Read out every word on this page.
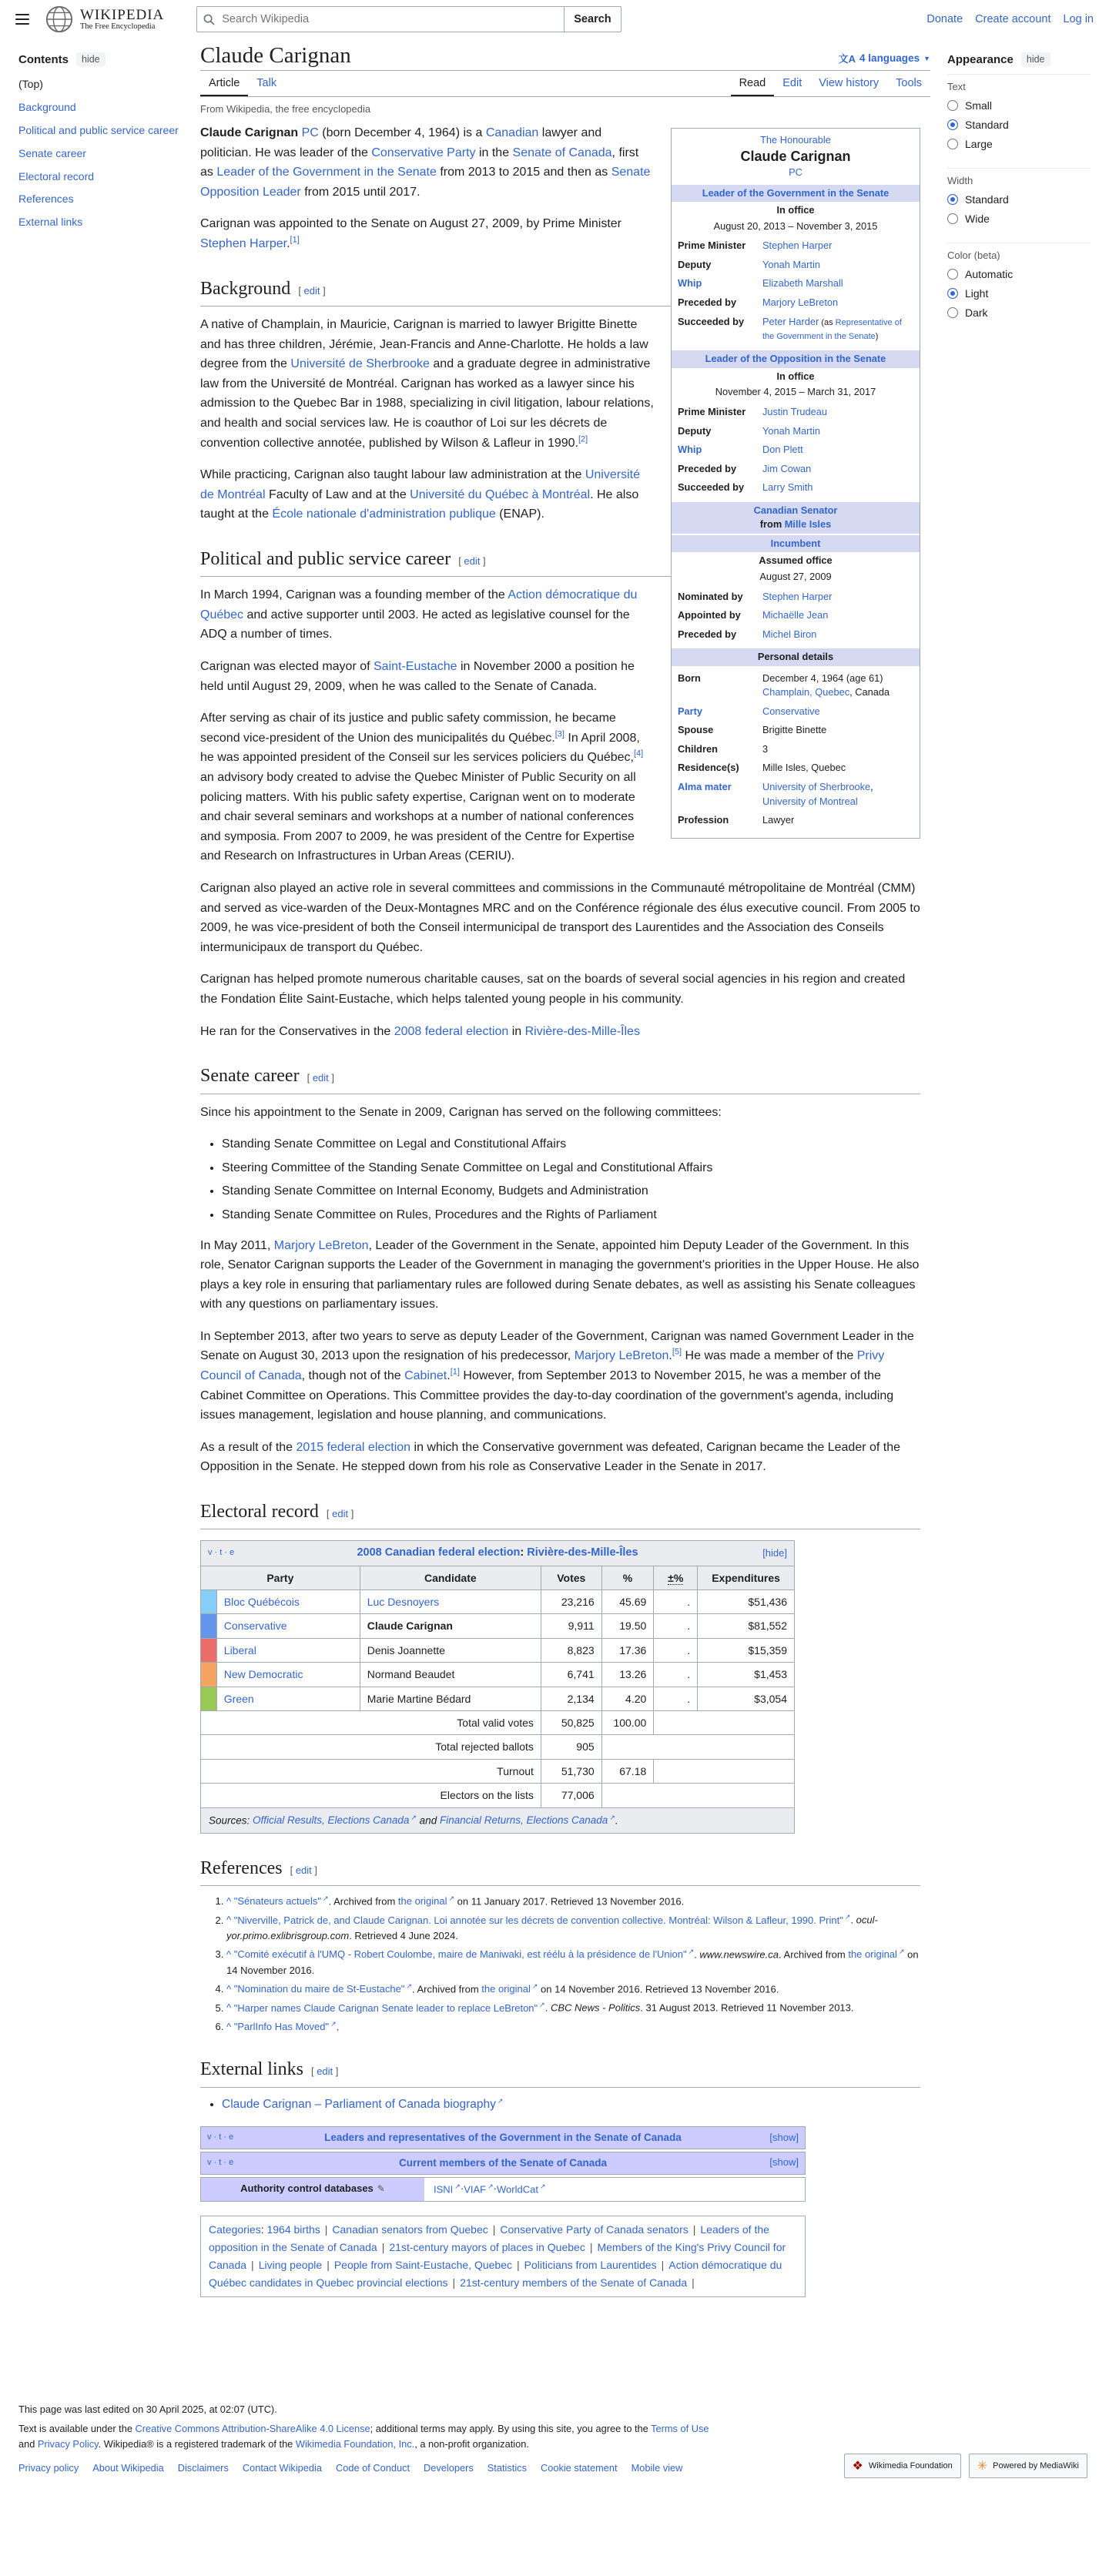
WIKIPEDIA
The Free Encyclopedia
Search Wikipedia
Search	Donate Create account Log in
Contents	hide
(Top)
Background
Political and public service career
Senate career
Electoral record
References
External links
Claude Carignan	文A 4 languages ▼
Article	Talk	Read	Edit	View history	Tools
From Wikipedia, the free encyclopedia
The Honourable
Claude Carignan
PC
Leader of the Government in the Senate
In office
August 20, 2013 – November 3, 2015
Prime Minister	Stephen Harper
Deputy	Yonah Martin
Whip	Elizabeth Marshall
Preceded by	Marjory LeBreton
Succeeded by	Peter Harder (as Representative of the Government in the Senate)
Leader of the Opposition in the Senate
In office
November 4, 2015 – March 31, 2017
Prime Minister	Justin Trudeau
Deputy	Yonah Martin
Whip	Don Plett
Preceded by	Jim Cowan
Succeeded by	Larry Smith
Canadian Senator
from Mille Isles
Incumbent
Assumed office
August 27, 2009
Nominated by	Stephen Harper
Appointed by	Michaëlle Jean
Preceded by	Michel Biron
Personal details
Born	December 4, 1964 (age 61)
Champlain, Quebec, Canada
Party	Conservative
Spouse	Brigitte Binette
Children	3
Residence(s)	Mille Isles, Quebec
Alma mater	University of Sherbrooke,
University of Montreal
Profession	Lawyer

Claude Carignan PC (born December 4, 1964) is a Canadian lawyer and politician. He was leader of the Conservative Party in the Senate of Canada, first as Leader of the Government in the Senate from 2013 to 2015 and then as Senate Opposition Leader from 2015 until 2017.

Carignan was appointed to the Senate on August 27, 2009, by Prime Minister Stephen Harper.[1]

Background [ edit ]

A native of Champlain, in Mauricie, Carignan is married to lawyer Brigitte Binette and has three children, Jérémie, Jean-Francis and Anne-Charlotte. He holds a law degree from the Université de Sherbrooke and a graduate degree in administrative law from the Université de Montréal. Carignan has worked as a lawyer since his admission to the Quebec Bar in 1988, specializing in civil litigation, labour relations, and health and social services law. He is coauthor of Loi sur les décrets de convention collective annotée, published by Wilson & Lafleur in 1990.[2]

While practicing, Carignan also taught labour law administration at the Université de Montréal Faculty of Law and at the Université du Québec à Montréal. He also taught at the École nationale d'administration publique (ENAP).

Political and public service career [ edit ]

In March 1994, Carignan was a founding member of the Action démocratique du Québec and active supporter until 2003. He acted as legislative counsel for the ADQ a number of times.

Carignan was elected mayor of Saint-Eustache in November 2000 a position he held until August 29, 2009, when he was called to the Senate of Canada.

After serving as chair of its justice and public safety commission, he became second vice-president of the Union des municipalités du Québec.[3] In April 2008, he was appointed president of the Conseil sur les services policiers du Québec,[4] an advisory body created to advise the Quebec Minister of Public Security on all policing matters. With his public safety expertise, Carignan went on to moderate and chair several seminars and workshops at a number of national conferences and symposia. From 2007 to 2009, he was president of the Centre for Expertise and Research on Infrastructures in Urban Areas (CERIU).

Carignan also played an active role in several committees and commissions in the Communauté métropolitaine de Montréal (CMM) and served as vice-warden of the Deux-Montagnes MRC and on the Conférence régionale des élus executive council. From 2005 to 2009, he was vice-president of both the Conseil intermunicipal de transport des Laurentides and the Association des Conseils intermunicipaux de transport du Québec.

Carignan has helped promote numerous charitable causes, sat on the boards of several social agencies in his region and created the Fondation Élite Saint-Eustache, which helps talented young people in his community.

He ran for the Conservatives in the 2008 federal election in Rivière-des-Mille-Îles

Senate career [ edit ]

Since his appointment to the Senate in 2009, Carignan has served on the following committees:

• Standing Senate Committee on Legal and Constitutional Affairs
• Steering Committee of the Standing Senate Committee on Legal and Constitutional Affairs
• Standing Senate Committee on Internal Economy, Budgets and Administration
• Standing Senate Committee on Rules, Procedures and the Rights of Parliament

In May 2011, Marjory LeBreton, Leader of the Government in the Senate, appointed him Deputy Leader of the Government. In this role, Senator Carignan supports the Leader of the Government in managing the government's priorities in the Upper House. He also plays a key role in ensuring that parliamentary rules are followed during Senate debates, as well as assisting his Senate colleagues with any questions on parliamentary issues.

In September 2013, after two years to serve as deputy Leader of the Government, Carignan was named Government Leader in the Senate on August 30, 2013 upon the resignation of his predecessor, Marjory LeBreton.[5] He was made a member of the Privy Council of Canada, though not of the Cabinet.[1] However, from September 2013 to November 2015, he was a member of the Cabinet Committee on Operations. This Committee provides the day-to-day coordination of the government's agenda, including issues management, legislation and house planning, and communications.

As a result of the 2015 federal election in which the Conservative government was defeated, Carignan became the Leader of the Opposition in the Senate. He stepped down from his role as Conservative Leader in the Senate in 2017.

Electoral record [ edit ]
v · t · e 2008 Canadian federal election: Rivière-des-Mille-Îles [hide]						

Party		Candidate	Votes	%	±%	Expenditures
	Bloc Québécois	Luc Desnoyers	23,216	45.69	.	$51,436
	Conservative	Claude Carignan	9,911	19.50	.	$81,552
	Liberal	Denis Joannette	8,823	17.36	.	$15,359
	New Democratic	Normand Beaudet	6,741	13.26	.	$1,453
	Green	Marie Martine Bédard	2,134	4.20	.	$3,054
Total valid votes			50,825	100.00		
Total rejected ballots			905			
Turnout			51,730	67.18		
Electors on the lists			77,006			
Sources: Official Results, Elections Canada ↗ and Financial Returns, Elections Canada ↗.						
References [ edit ]
1. ^ "Sénateurs actuels" ↗. Archived from the original ↗ on 11 January 2017. Retrieved 13 November 2016.
2. ^ "Niverville, Patrick de, and Claude Carignan. Loi annotée sur les décrets de convention collective. Montréal: Wilson & Lafleur, 1990. Print" ↗. ocul-yor.primo.exlibrisgroup.com. Retrieved 4 June 2024.
3. ^ "Comité exécutif à l'UMQ - Robert Coulombe, maire de Maniwaki, est réélu à la présidence de l'Union" ↗. www.newswire.ca. Archived from the original ↗ on 14 November 2016.
4. ^ "Nomination du maire de St-Eustache" ↗. Archived from the original ↗ on 14 November 2016. Retrieved 13 November 2016.
5. ^ "Harper names Claude Carignan Senate leader to replace LeBreton" ↗. CBC News - Politics. 31 August 2013. Retrieved 11 November 2013.
6. ^ "ParlInfo Has Moved" ↗.
External links [ edit ]
• Claude Carignan – Parliament of Canada biography ↗
v · t · e	Leaders and representatives of the Government in the Senate of Canada	[show]
v · t · e	Current members of the Senate of Canada	[show]
Authority control databases ✎	ISNI ↗ · VIAF ↗ · WorldCat ↗
Categories: 1964 births | Canadian senators from Quebec | Conservative Party of Canada senators | Leaders of the opposition in the Senate of Canada | 21st-century mayors of places in Quebec | Members of the King's Privy Council for Canada | Living people | People from Saint-Eustache, Quebec | Politicians from Laurentides | Action démocratique du Québec candidates in Quebec provincial elections | 21st-century members of the Senate of Canada |
Appearance	hide
Text
Small
Standard
Large
Width
Standard
Wide
Color (beta)
Automatic
Light
Dark

This page was last edited on 30 April 2025, at 02:07 (UTC).

Text is available under the Creative Commons Attribution-ShareAlike 4.0 License; additional terms may apply. By using this site, you agree to the Terms of Use and Privacy Policy. Wikipedia® is a registered trademark of the Wikimedia Foundation, Inc., a non-profit organization.

Privacy policy About Wikipedia Disclaimers Contact Wikipedia Code of Conduct Developers Statistics Cookie statement Mobile view	❖ Wikimedia Foundation ✳ Powered by MediaWiki
